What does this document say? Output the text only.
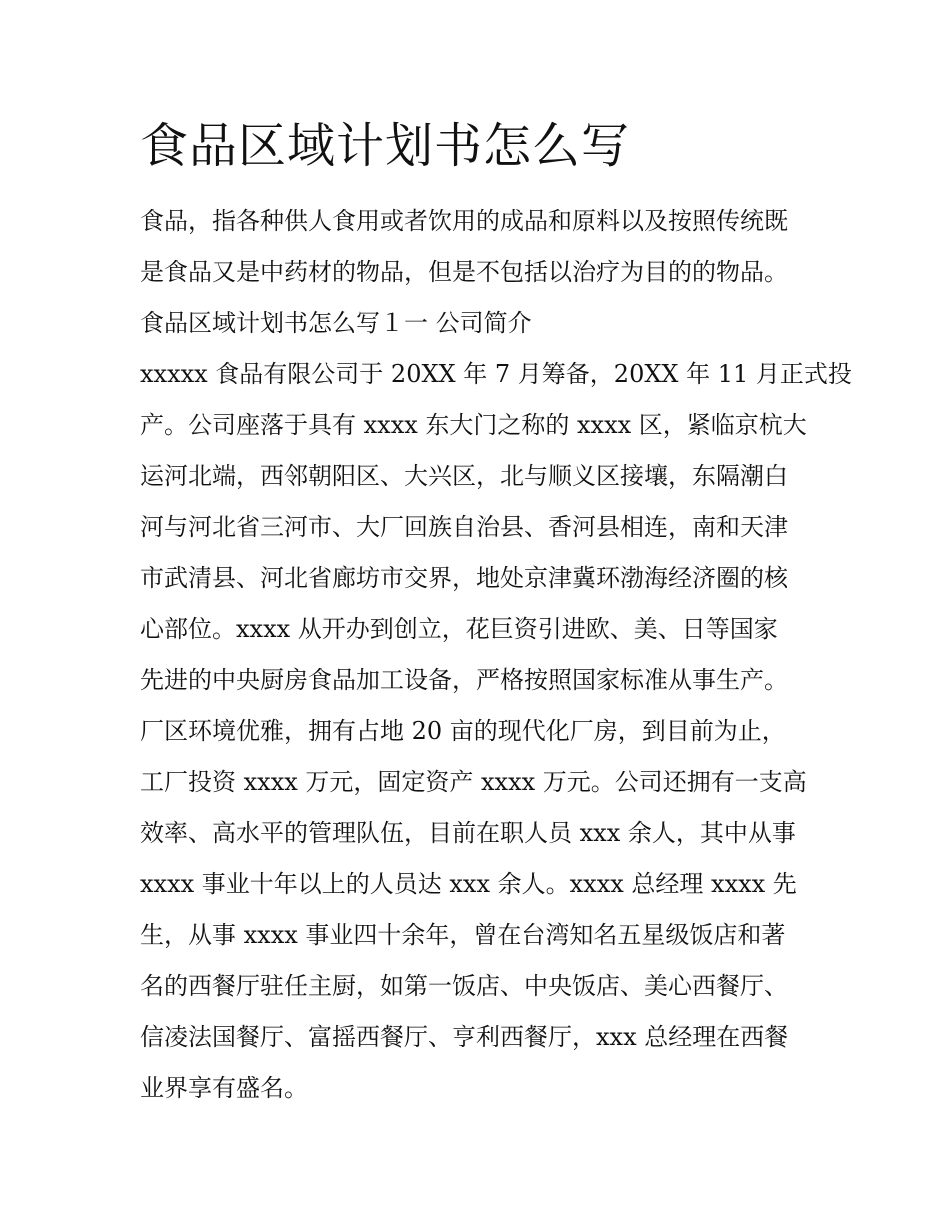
食品区域计划书怎么写
食品，指各种供人食用或者饮用的成品和原料以及按照传统既
是食品又是中药材的物品，但是不包括以治疗为目的的物品。
食品区域计划书怎么写１一 公司简介
xxxxx 食品有限公司于 20XX 年 7 月筹备，20XX 年 11 月正式投
产。公司座落于具有 xxxx 东大门之称的 xxxx 区，紧临京杭大
运河北端，西邻朝阳区、大兴区，北与顺义区接壤，东隔潮白
河与河北省三河市、大厂回族自治县、香河县相连，南和天津
市武清县、河北省廊坊市交界，地处京津冀环渤海经济圈的核
心部位。xxxx 从开办到创立，花巨资引进欧、美、日等国家
先进的中央厨房食品加工设备，严格按照国家标准从事生产。
厂区环境优雅，拥有占地 20 亩的现代化厂房，到目前为止，
工厂投资 xxxx 万元，固定资产 xxxx 万元。公司还拥有一支高
效率、高水平的管理队伍，目前在职人员 xxx 余人，其中从事
xxxx 事业十年以上的人员达 xxx 余人。xxxx 总经理 xxxx 先
生，从事 xxxx 事业四十余年，曾在台湾知名五星级饭店和著
名的西餐厅驻任主厨，如第一饭店、中央饭店、美心西餐厅、
信凌法国餐厅、富摇西餐厅、亨利西餐厅，xxx 总经理在西餐
业界享有盛名。
